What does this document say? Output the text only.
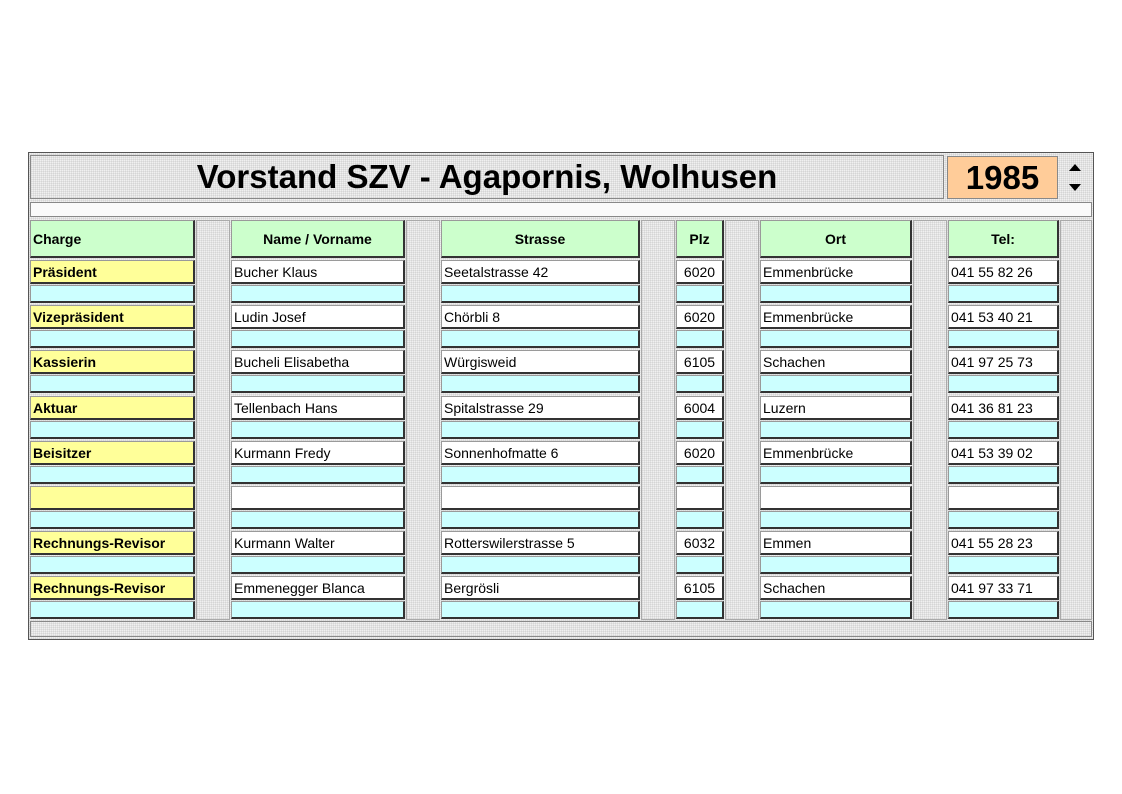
Vorstand SZV - Agapornis, Wolhusen	1985
Charge	Name / Vorname	Strasse	Plz	Ort	Tel:
Präsident	Bucher Klaus	Seetalstrasse 42	6020	Emmenbrücke	041 55 82 26
Vizepräsident	Ludin Josef	Chörbli 8	6020	Emmenbrücke	041 53 40 21
Kassierin	Bucheli Elisabetha	Würgisweid	6105	Schachen	041 97 25 73
Aktuar	Tellenbach Hans	Spitalstrasse 29	6004	Luzern	041 36 81 23
Beisitzer	Kurmann Fredy	Sonnenhofmatte 6	6020	Emmenbrücke	041 53 39 02
Rechnungs-Revisor	Kurmann Walter	Rotterswilerstrasse 5	6032	Emmen	041 55 28 23
Rechnungs-Revisor	Emmenegger Blanca	Bergrösli	6105	Schachen	041 97 33 71
